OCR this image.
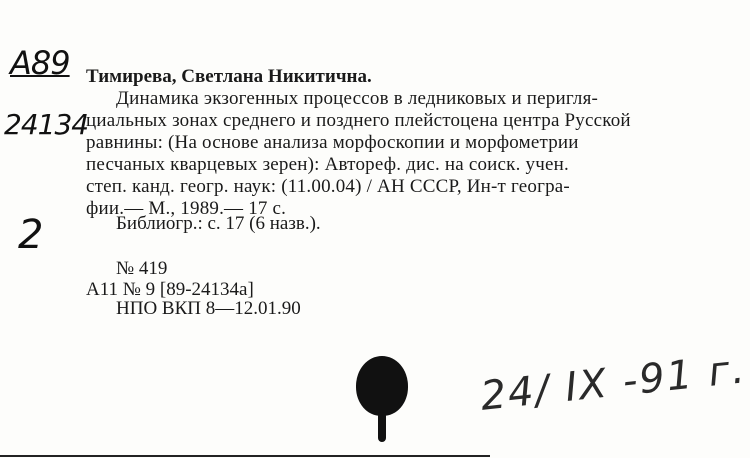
А89
24134
2
Тимирева, Светлана Никитична.
Динамика экзогенных процессов в ледниковых и перигля-
циальных зонах среднего и позднего плейстоцена центра Русской
равнины: (На основе анализа морфоскопии и морфометрии
песчаных кварцевых зерен): Автореф. дис. на соиск. учен.
степ. канд. геогр. наук: (11.00.04) / АН СССР, Ин-т геогра-
фии.— М., 1989.— 17 с.
Библиогр.: с. 17 (6 назв.).
№ 419
А11 № 9 [89-24134а]
НПО ВКП 8—12.01.90
24/ IX -91 г.
